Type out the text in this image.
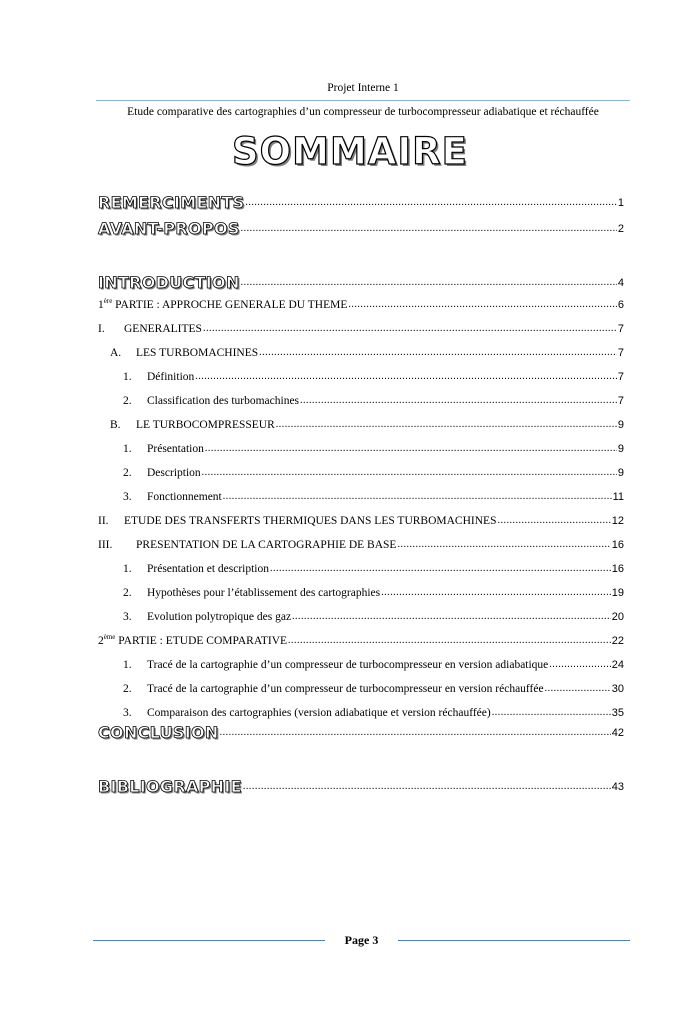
Projet Interne 1
Etude comparative des cartographies d’un compresseur de turbocompresseur adiabatique et réchauffée
SOMMAIRE
REMERCIMENTS .....	1
AVANT-PROPOS .....	2
INTRODUCTION .....	4
1ère PARTIE : APPROCHE GENERALE DU THEME .....	6
I. GENERALITES .....	7
A. LES TURBOMACHINES .....	7
1. Définition .....	7
2. Classification des turbomachines .....	7
B. LE TURBOCOMPRESSEUR .....	9
1. Présentation .....	9
2. Description .....	9
3. Fonctionnement .....	11
II. ETUDE DES TRANSFERTS THERMIQUES DANS LES TURBOMACHINES .....	12
III. PRESENTATION DE LA CARTOGRAPHIE DE BASE .....	16
1. Présentation et description .....	16
2. Hypothèses pour l’établissement des cartographies .....	19
3. Evolution polytropique des gaz .....	20
2ème PARTIE : ETUDE COMPARATIVE .....	22
1. Tracé de la cartographie d’un compresseur de turbocompresseur en version adiabatique .....	24
2. Tracé de la cartographie d’un compresseur de turbocompresseur en version réchauffée .....	30
3. Comparaison des cartographies (version adiabatique et version réchauffée) .....	35
CONCLUSION .....	42
BIBLIOGRAPHIE .....	43
Page 3
